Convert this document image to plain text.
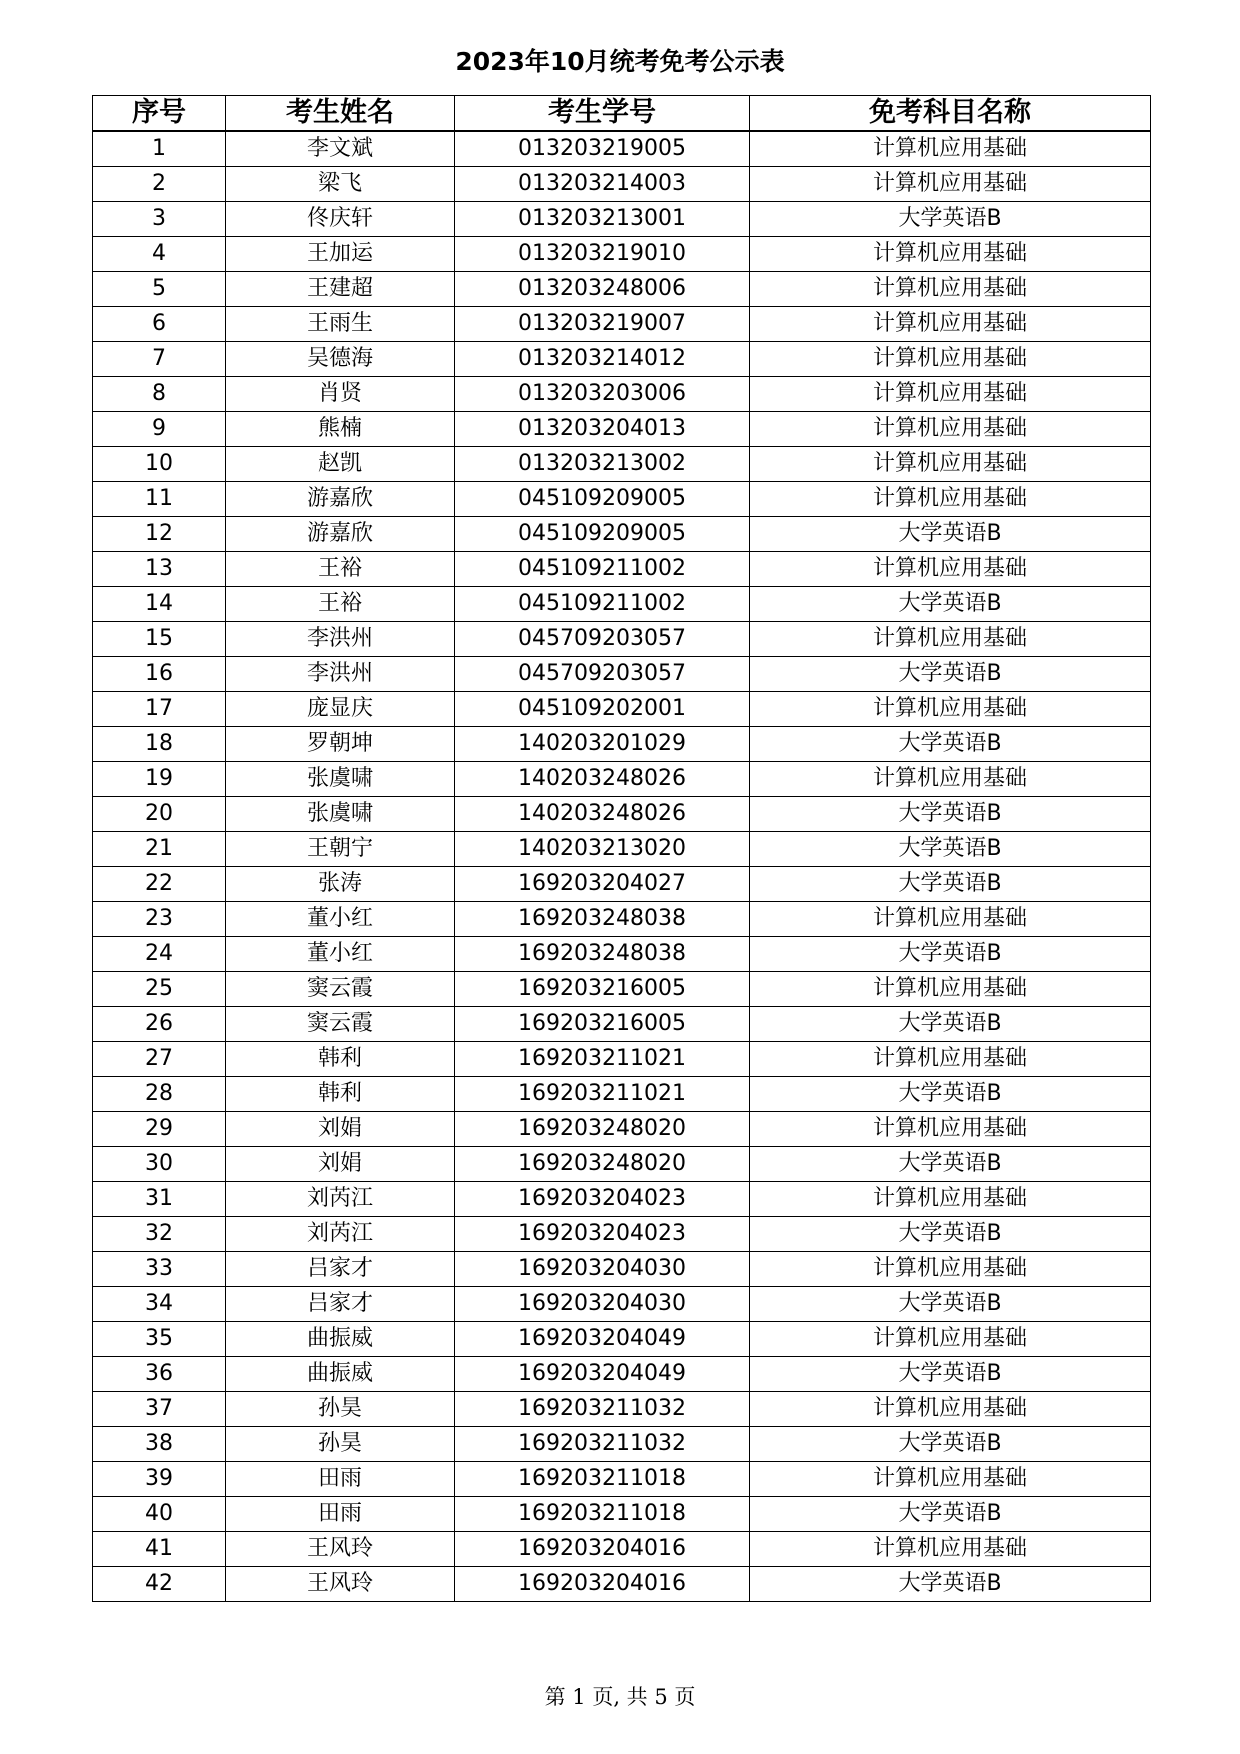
2023年10月统考免考公示表
序号	考生姓名	考生学号	免考科目名称
1	李文斌	013203219005	计算机应用基础
2	梁飞	013203214003	计算机应用基础
3	佟庆轩	013203213001	大学英语B
4	王加运	013203219010	计算机应用基础
5	王建超	013203248006	计算机应用基础
6	王雨生	013203219007	计算机应用基础
7	吴德海	013203214012	计算机应用基础
8	肖贤	013203203006	计算机应用基础
9	熊楠	013203204013	计算机应用基础
10	赵凯	013203213002	计算机应用基础
11	游嘉欣	045109209005	计算机应用基础
12	游嘉欣	045109209005	大学英语B
13	王裕	045109211002	计算机应用基础
14	王裕	045109211002	大学英语B
15	李洪州	045709203057	计算机应用基础
16	李洪州	045709203057	大学英语B
17	庞显庆	045109202001	计算机应用基础
18	罗朝坤	140203201029	大学英语B
19	张虞啸	140203248026	计算机应用基础
20	张虞啸	140203248026	大学英语B
21	王朝宁	140203213020	大学英语B
22	张涛	169203204027	大学英语B
23	董小红	169203248038	计算机应用基础
24	董小红	169203248038	大学英语B
25	窦云霞	169203216005	计算机应用基础
26	窦云霞	169203216005	大学英语B
27	韩利	169203211021	计算机应用基础
28	韩利	169203211021	大学英语B
29	刘娟	169203248020	计算机应用基础
30	刘娟	169203248020	大学英语B
31	刘芮江	169203204023	计算机应用基础
32	刘芮江	169203204023	大学英语B
33	吕家才	169203204030	计算机应用基础
34	吕家才	169203204030	大学英语B
35	曲振威	169203204049	计算机应用基础
36	曲振威	169203204049	大学英语B
37	孙昊	169203211032	计算机应用基础
38	孙昊	169203211032	大学英语B
39	田雨	169203211018	计算机应用基础
40	田雨	169203211018	大学英语B
41	王风玲	169203204016	计算机应用基础
42	王风玲	169203204016	大学英语B
第 1 页, 共 5 页
